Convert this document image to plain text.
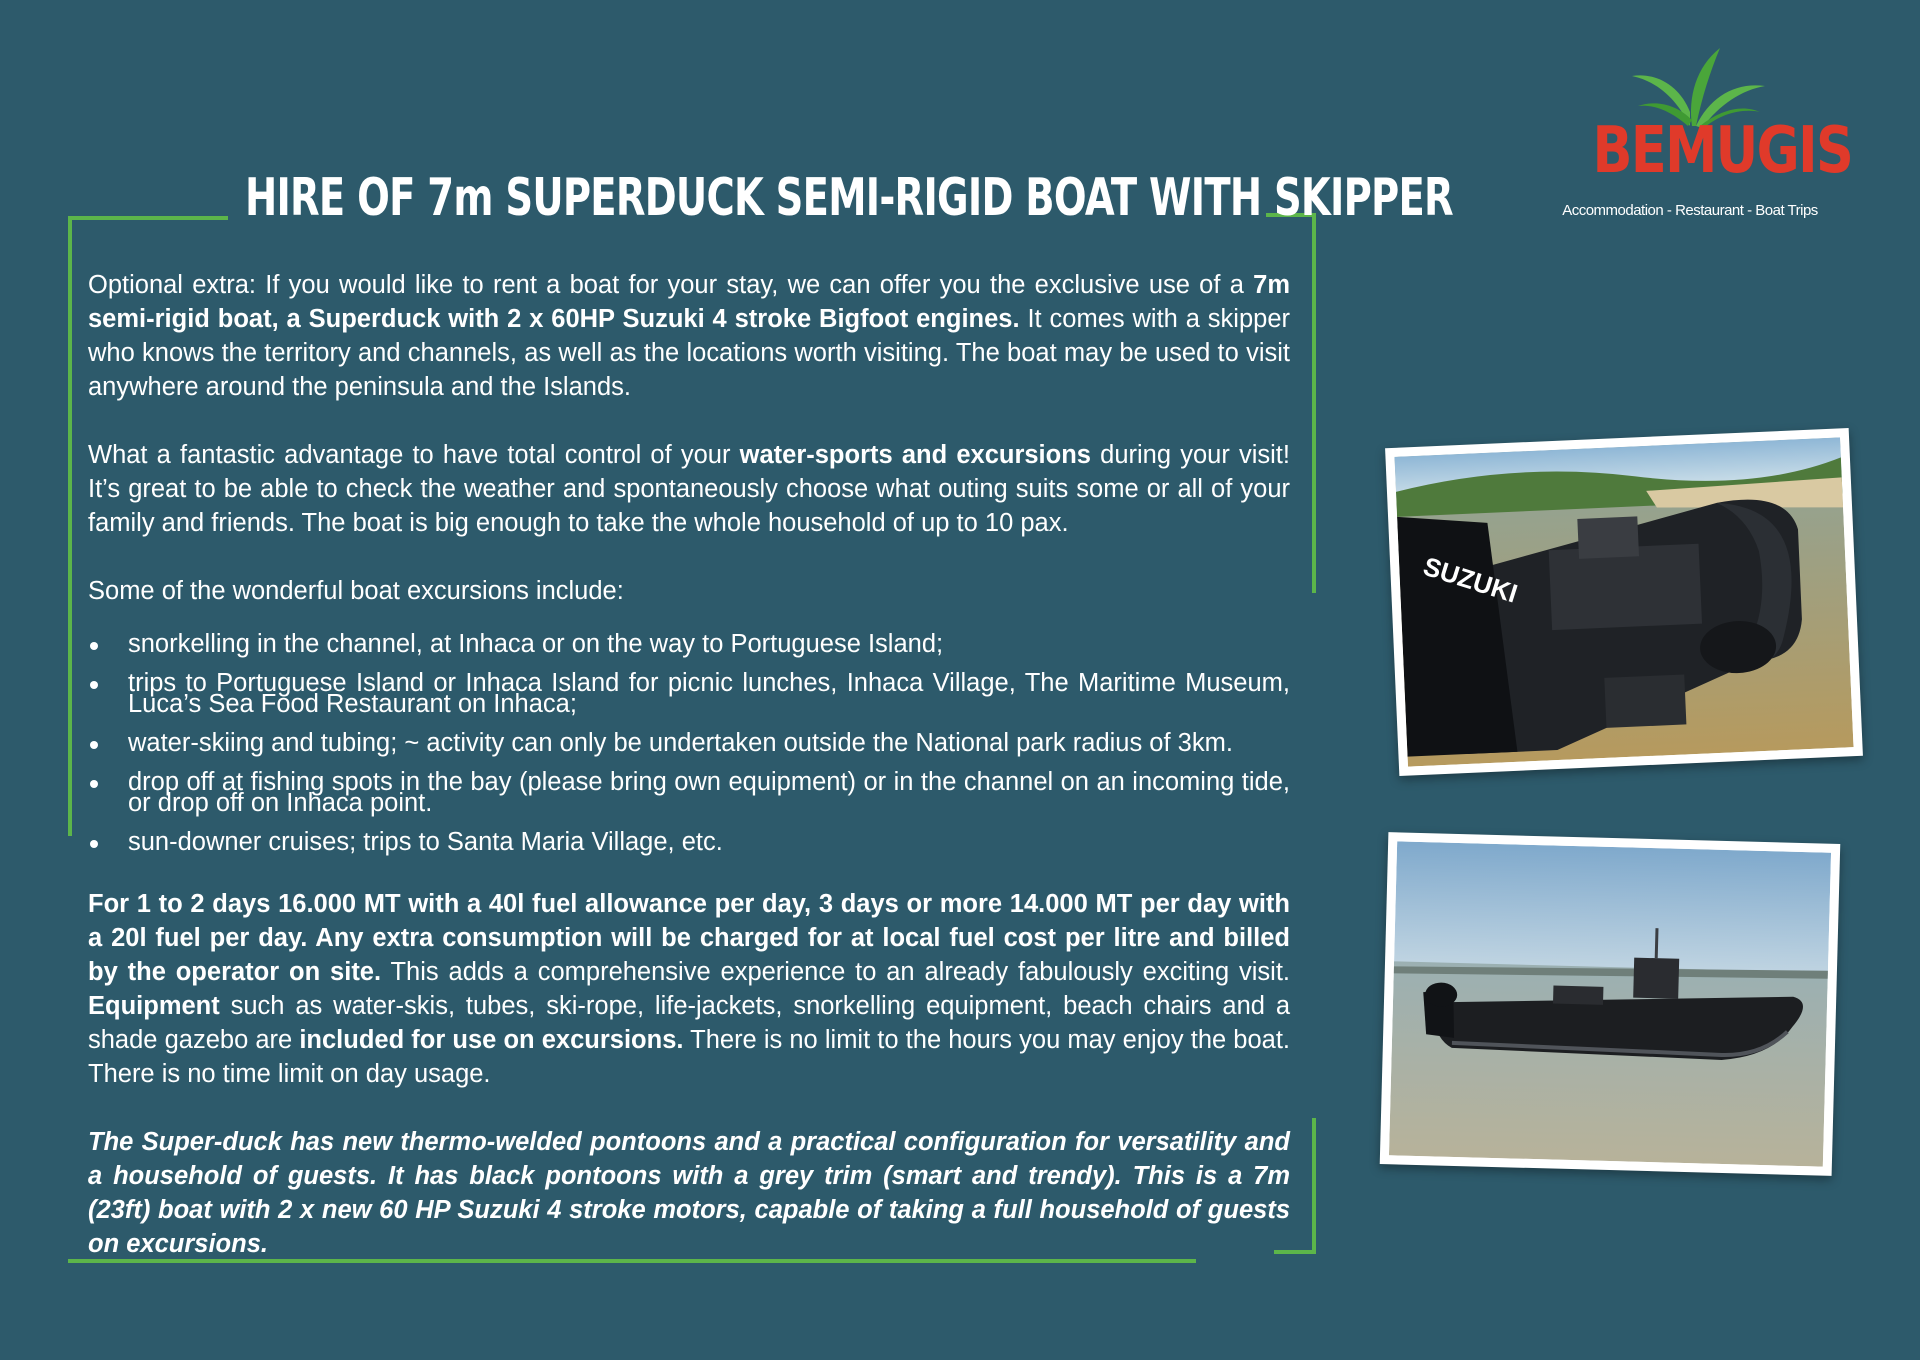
HIRE OF 7m SUPERDUCK SEMI-RIGID BOAT WITH SKIPPER
BEMUGIS
Accommodation - Restaurant - Boat Trips

Optional extra: If you would like to rent a boat for your stay, we can offer you the exclusive use of a 7m semi-rigid boat, a Superduck with 2 x 60HP Suzuki 4 stroke Bigfoot engines. It comes with a skipper who knows the territory and channels, as well as the locations worth visiting. The boat may be used to visit anywhere around the peninsula and the Islands.

What a fantastic advantage to have total control of your water-sports and excursions during your visit! It’s great to be able to check the weather and spontaneously choose what outing suits some or all of your family and friends. The boat is big enough to take the whole household of up to 10 pax.

Some of the wonderful boat excursions include:

snorkelling in the channel, at Inhaca or on the way to Portuguese Island;
trips to Portuguese Island or Inhaca Island for picnic lunches, Inhaca Village, The Maritime Museum, Luca’s Sea Food Restaurant on Inhaca;
water-skiing and tubing; ~ activity can only be undertaken outside the National park radius of 3km.
drop off at fishing spots in the bay (please bring own equipment) or in the channel on an incoming tide, or drop off on Inhaca point.
sun-downer cruises; trips to Santa Maria Village, etc.

For 1 to 2 days 16.000 MT with a 40l fuel allowance per day, 3 days or more 14.000 MT per day with a 20l fuel per day. Any extra consumption will be charged for at local fuel cost per litre and billed by the operator on site. This adds a comprehensive experience to an already fabulously exciting visit. Equipment such as water-skis, tubes, ski-rope, life-jackets, snorkelling equipment, beach chairs and a shade gazebo are included for use on excursions. There is no limit to the hours you may enjoy the boat. There is no time limit on day usage.

The Super-duck has new thermo-welded pontoons and a practical configuration for versatility and a household of guests. It has black pontoons with a grey trim (smart and trendy). This is a 7m (23ft) boat with 2 x new 60 HP Suzuki 4 stroke motors, capable of taking a full household of guests on excursions.

SUZUKI
